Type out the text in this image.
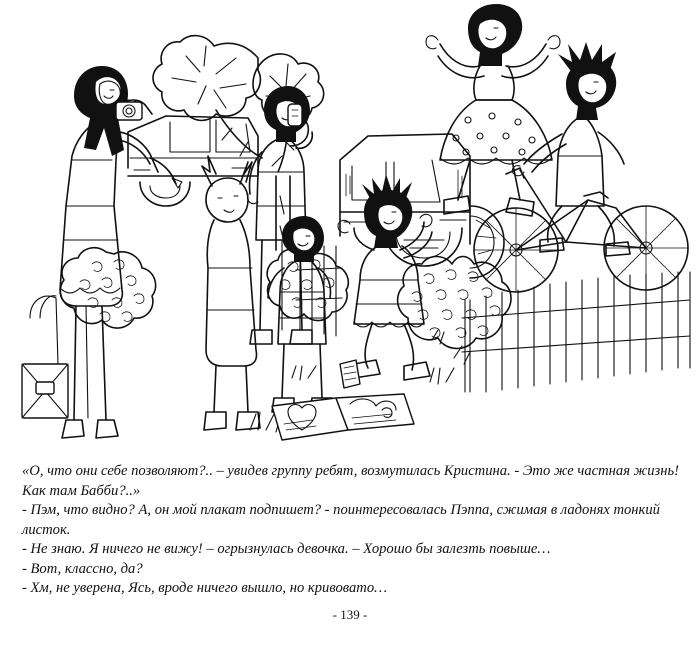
«О, что они себе позволяют?.. – увидев группу ребят, возмутилась Кристина. - Это же частная жизнь! Как там Бабби?..»

- Пэм, что видно? А, он мой плакат подпишет? - поинтересовалась Пэппа, сжимая в ладонях тонкий листок.

- Не знаю. Я ничего не вижу! – огрызнулась девочка. – Хорошо бы залезть повыше…

- Вот, классно, да?

- Хм, не уверена, Ясь, вроде ничего вышло, но кривовато…

- 139 -
